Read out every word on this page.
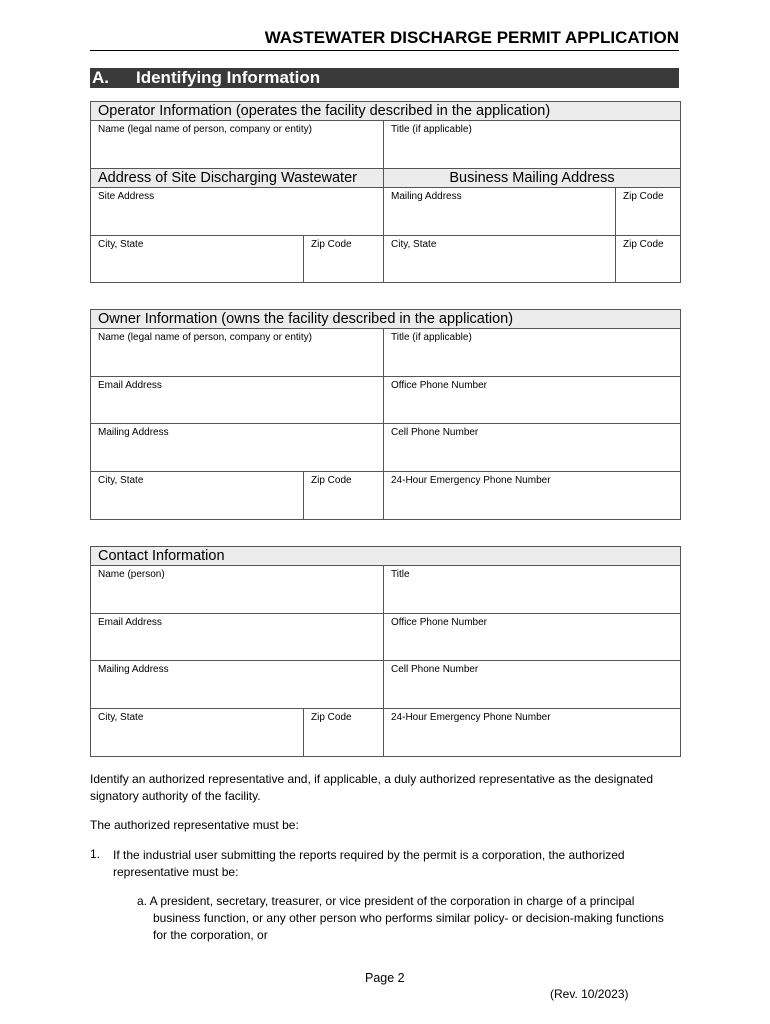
WASTEWATER DISCHARGE PERMIT APPLICATION
A. Identifying Information
Operator Information (operates the facility described in the application)			
Name (legal name of person, company or entity)		Title (if applicable)	
Address of Site Discharging Wastewater		Business Mailing Address	
Site Address		Mailing Address	Zip Code
City, State	Zip Code	City, State	Zip Code
Owner Information (owns the facility described in the application)		
Name (legal name of person, company or entity)		Title (if applicable)
Email Address		Office Phone Number
Mailing Address		Cell Phone Number
City, State	Zip Code	24-Hour Emergency Phone Number
Contact Information		
Name (person)		Title
Email Address		Office Phone Number
Mailing Address		Cell Phone Number
City, State	Zip Code	24-Hour Emergency Phone Number
Identify an authorized representative and, if applicable, a duly authorized representative as the designated signatory authority of the facility.
The authorized representative must be:
1. If the industrial user submitting the reports required by the permit is a corporation, the authorized representative must be:
a. A president, secretary, treasurer, or vice president of the corporation in charge of a principal business function, or any other person who performs similar policy- or decision-making functions for the corporation, or
Page 2
(Rev. 10/2023)
